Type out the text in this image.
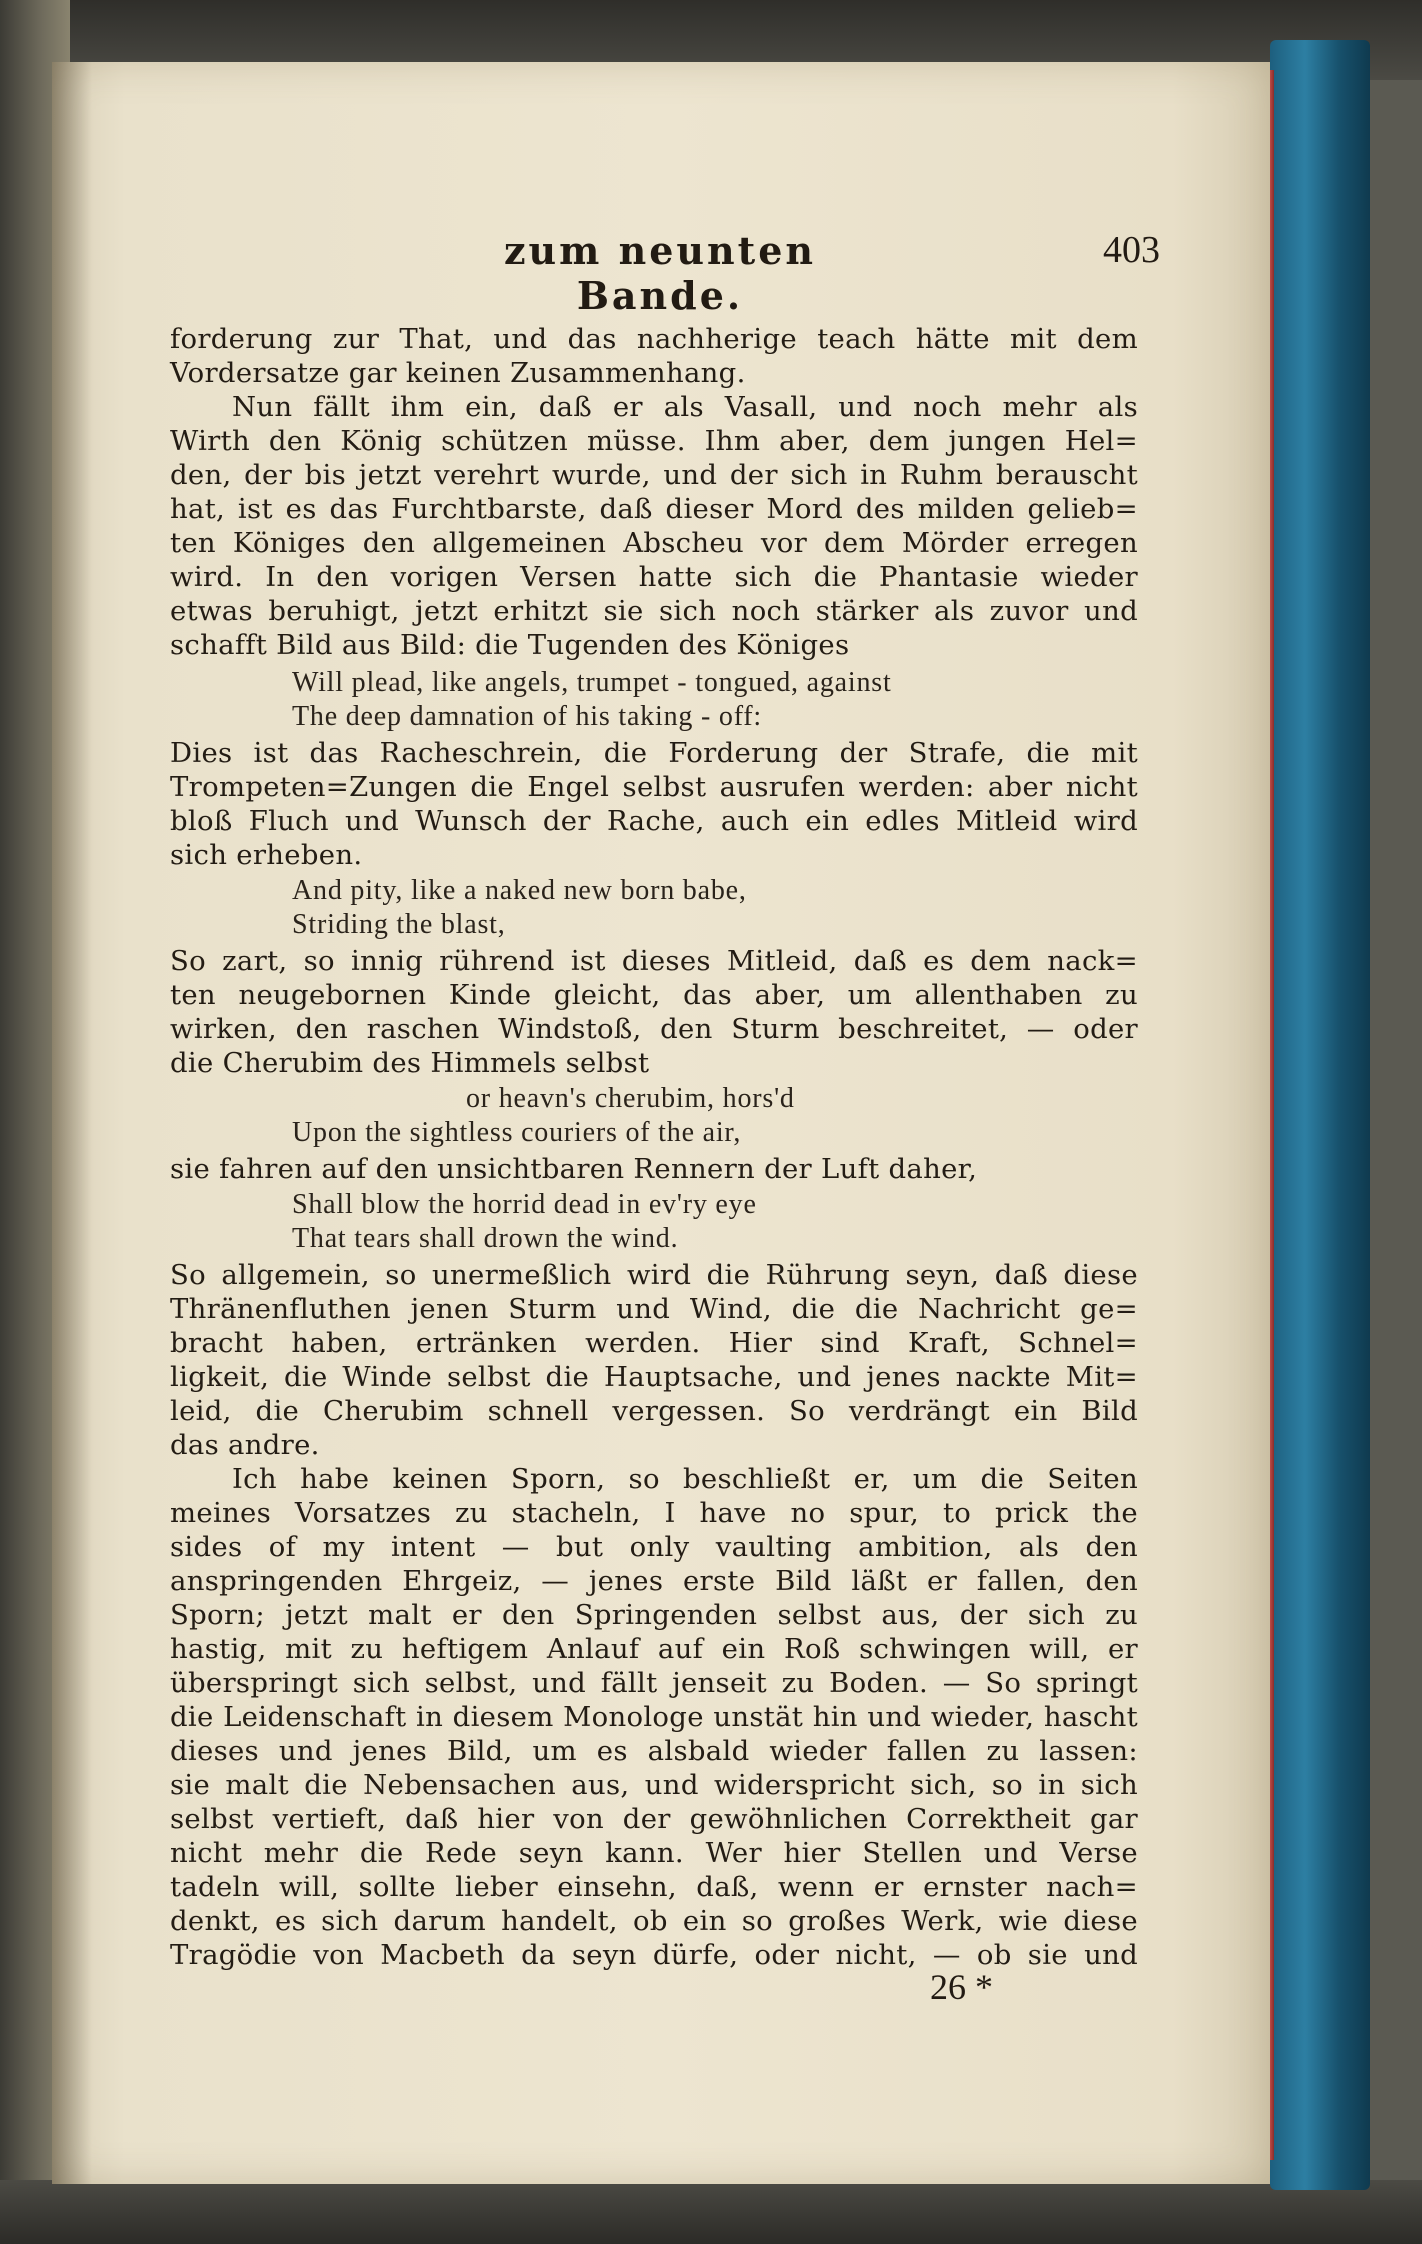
zum neunten Bande.
403
forderung zur That, und das nachherige teach hätte mit dem
Vordersatze gar keinen Zusammenhang.
Nun fällt ihm ein, daß er als Vasall, und noch mehr als
Wirth den König schützen müsse. Ihm aber, dem jungen Hel=
den, der bis jetzt verehrt wurde, und der sich in Ruhm berauscht
hat, ist es das Furchtbarste, daß dieser Mord des milden gelieb=
ten Königes den allgemeinen Abscheu vor dem Mörder erregen
wird. In den vorigen Versen hatte sich die Phantasie wieder
etwas beruhigt, jetzt erhitzt sie sich noch stärker als zuvor und
schafft Bild aus Bild: die Tugenden des Königes
Will plead, like angels, trumpet - tongued, against
The deep damnation of his taking - off:
Dies ist das Racheschrein, die Forderung der Strafe, die mit
Trompeten=Zungen die Engel selbst ausrufen werden: aber nicht
bloß Fluch und Wunsch der Rache, auch ein edles Mitleid wird
sich erheben.
And pity, like a naked new born babe,
Striding the blast,
So zart, so innig rührend ist dieses Mitleid, daß es dem nack=
ten neugebornen Kinde gleicht, das aber, um allenthaben zu
wirken, den raschen Windstoß, den Sturm beschreitet, — oder
die Cherubim des Himmels selbst
or heavn's cherubim, hors'd
Upon the sightless couriers of the air,
sie fahren auf den unsichtbaren Rennern der Luft daher,
Shall blow the horrid dead in ev'ry eye
That tears shall drown the wind.
So allgemein, so unermeßlich wird die Rührung seyn, daß diese
Thränenfluthen jenen Sturm und Wind, die die Nachricht ge=
bracht haben, ertränken werden. Hier sind Kraft, Schnel=
ligkeit, die Winde selbst die Hauptsache, und jenes nackte Mit=
leid, die Cherubim schnell vergessen. So verdrängt ein Bild
das andre.
Ich habe keinen Sporn, so beschließt er, um die Seiten
meines Vorsatzes zu stacheln, I have no spur, to prick the
sides of my intent — but only vaulting ambition, als den
anspringenden Ehrgeiz, — jenes erste Bild läßt er fallen, den
Sporn; jetzt malt er den Springenden selbst aus, der sich zu
hastig, mit zu heftigem Anlauf auf ein Roß schwingen will, er
überspringt sich selbst, und fällt jenseit zu Boden. — So springt
die Leidenschaft in diesem Monologe unstät hin und wieder, hascht
dieses und jenes Bild, um es alsbald wieder fallen zu lassen:
sie malt die Nebensachen aus, und widerspricht sich, so in sich
selbst vertieft, daß hier von der gewöhnlichen Correktheit gar
nicht mehr die Rede seyn kann. Wer hier Stellen und Verse
tadeln will, sollte lieber einsehn, daß, wenn er ernster nach=
denkt, es sich darum handelt, ob ein so großes Werk, wie diese
Tragödie von Macbeth da seyn dürfe, oder nicht, — ob sie und
26 *
